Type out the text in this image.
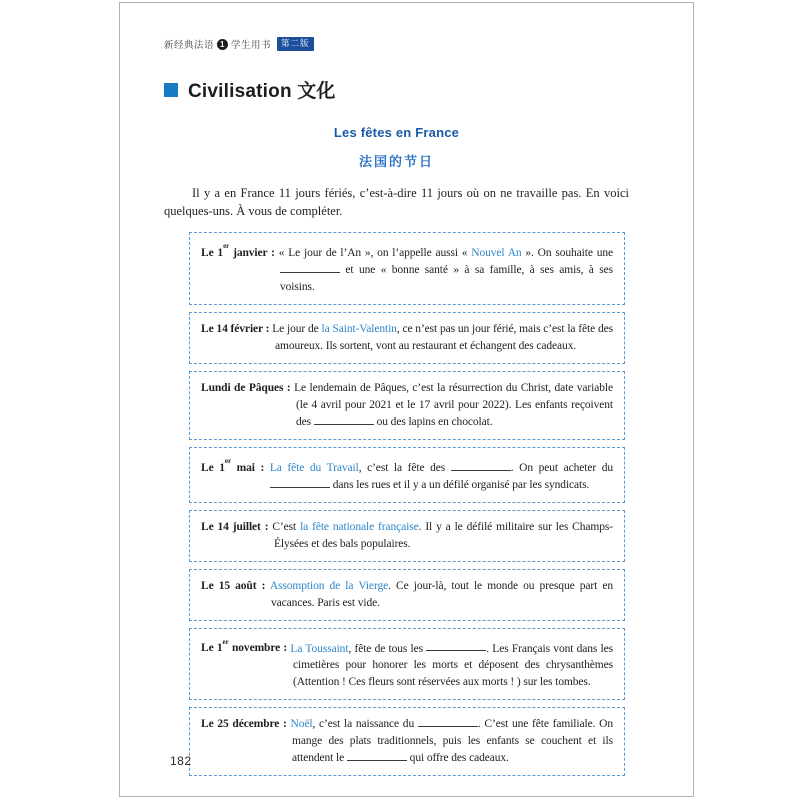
新经典法语 1 学生用书	第二版
Civilisation 文化
Les fêtes en France
法国的节日

Il y a en France 11 jours fériés, c’est-à-dire 11 jours où on ne travaille pas. En voici quelques-uns. À vous de compléter.

Le 1er janvier : « Le jour de l’An », on l’appelle aussi « Nouvel An ». On souhaite une  et une « bonne santé » à sa famille, à ses amis, à ses voisins.

Le 14 février : Le jour de la Saint-Valentin, ce n’est pas un jour férié, mais c’est la fête des amoureux. Ils sortent, vont au restaurant et échangent des cadeaux.

Lundi de Pâques : Le lendemain de Pâques, c’est la résurrection du Christ, date variable (le 4 avril pour 2021 et le 17 avril pour 2022). Les enfants reçoivent des	ou des lapins en chocolat.

Le 1er mai : La fête du Travail, c’est la fête des	. On peut acheter du  dans les rues et il y a un défilé organisé par les syndicats.

Le 14 juillet : C’est la fête nationale française. Il y a le défilé militaire sur les Champs-Élysées et des bals populaires.

Le 15 août : Assomption de la Vierge. Ce jour-là, tout le monde ou presque part en vacances. Paris est vide.

Le 1er novembre : La Toussaint, fête de tous les	. Les Français vont dans les cimetières pour honorer les morts et déposent des chrysanthèmes (Attention ! Ces fleurs sont réservées aux morts ! ) sur les tombes.

Le 25 décembre : Noël, c’est la naissance du	. C’est une fête familiale. On mange des plats traditionnels, puis les enfants se couchent et ils attendent le	qui offre des cadeaux.

182
